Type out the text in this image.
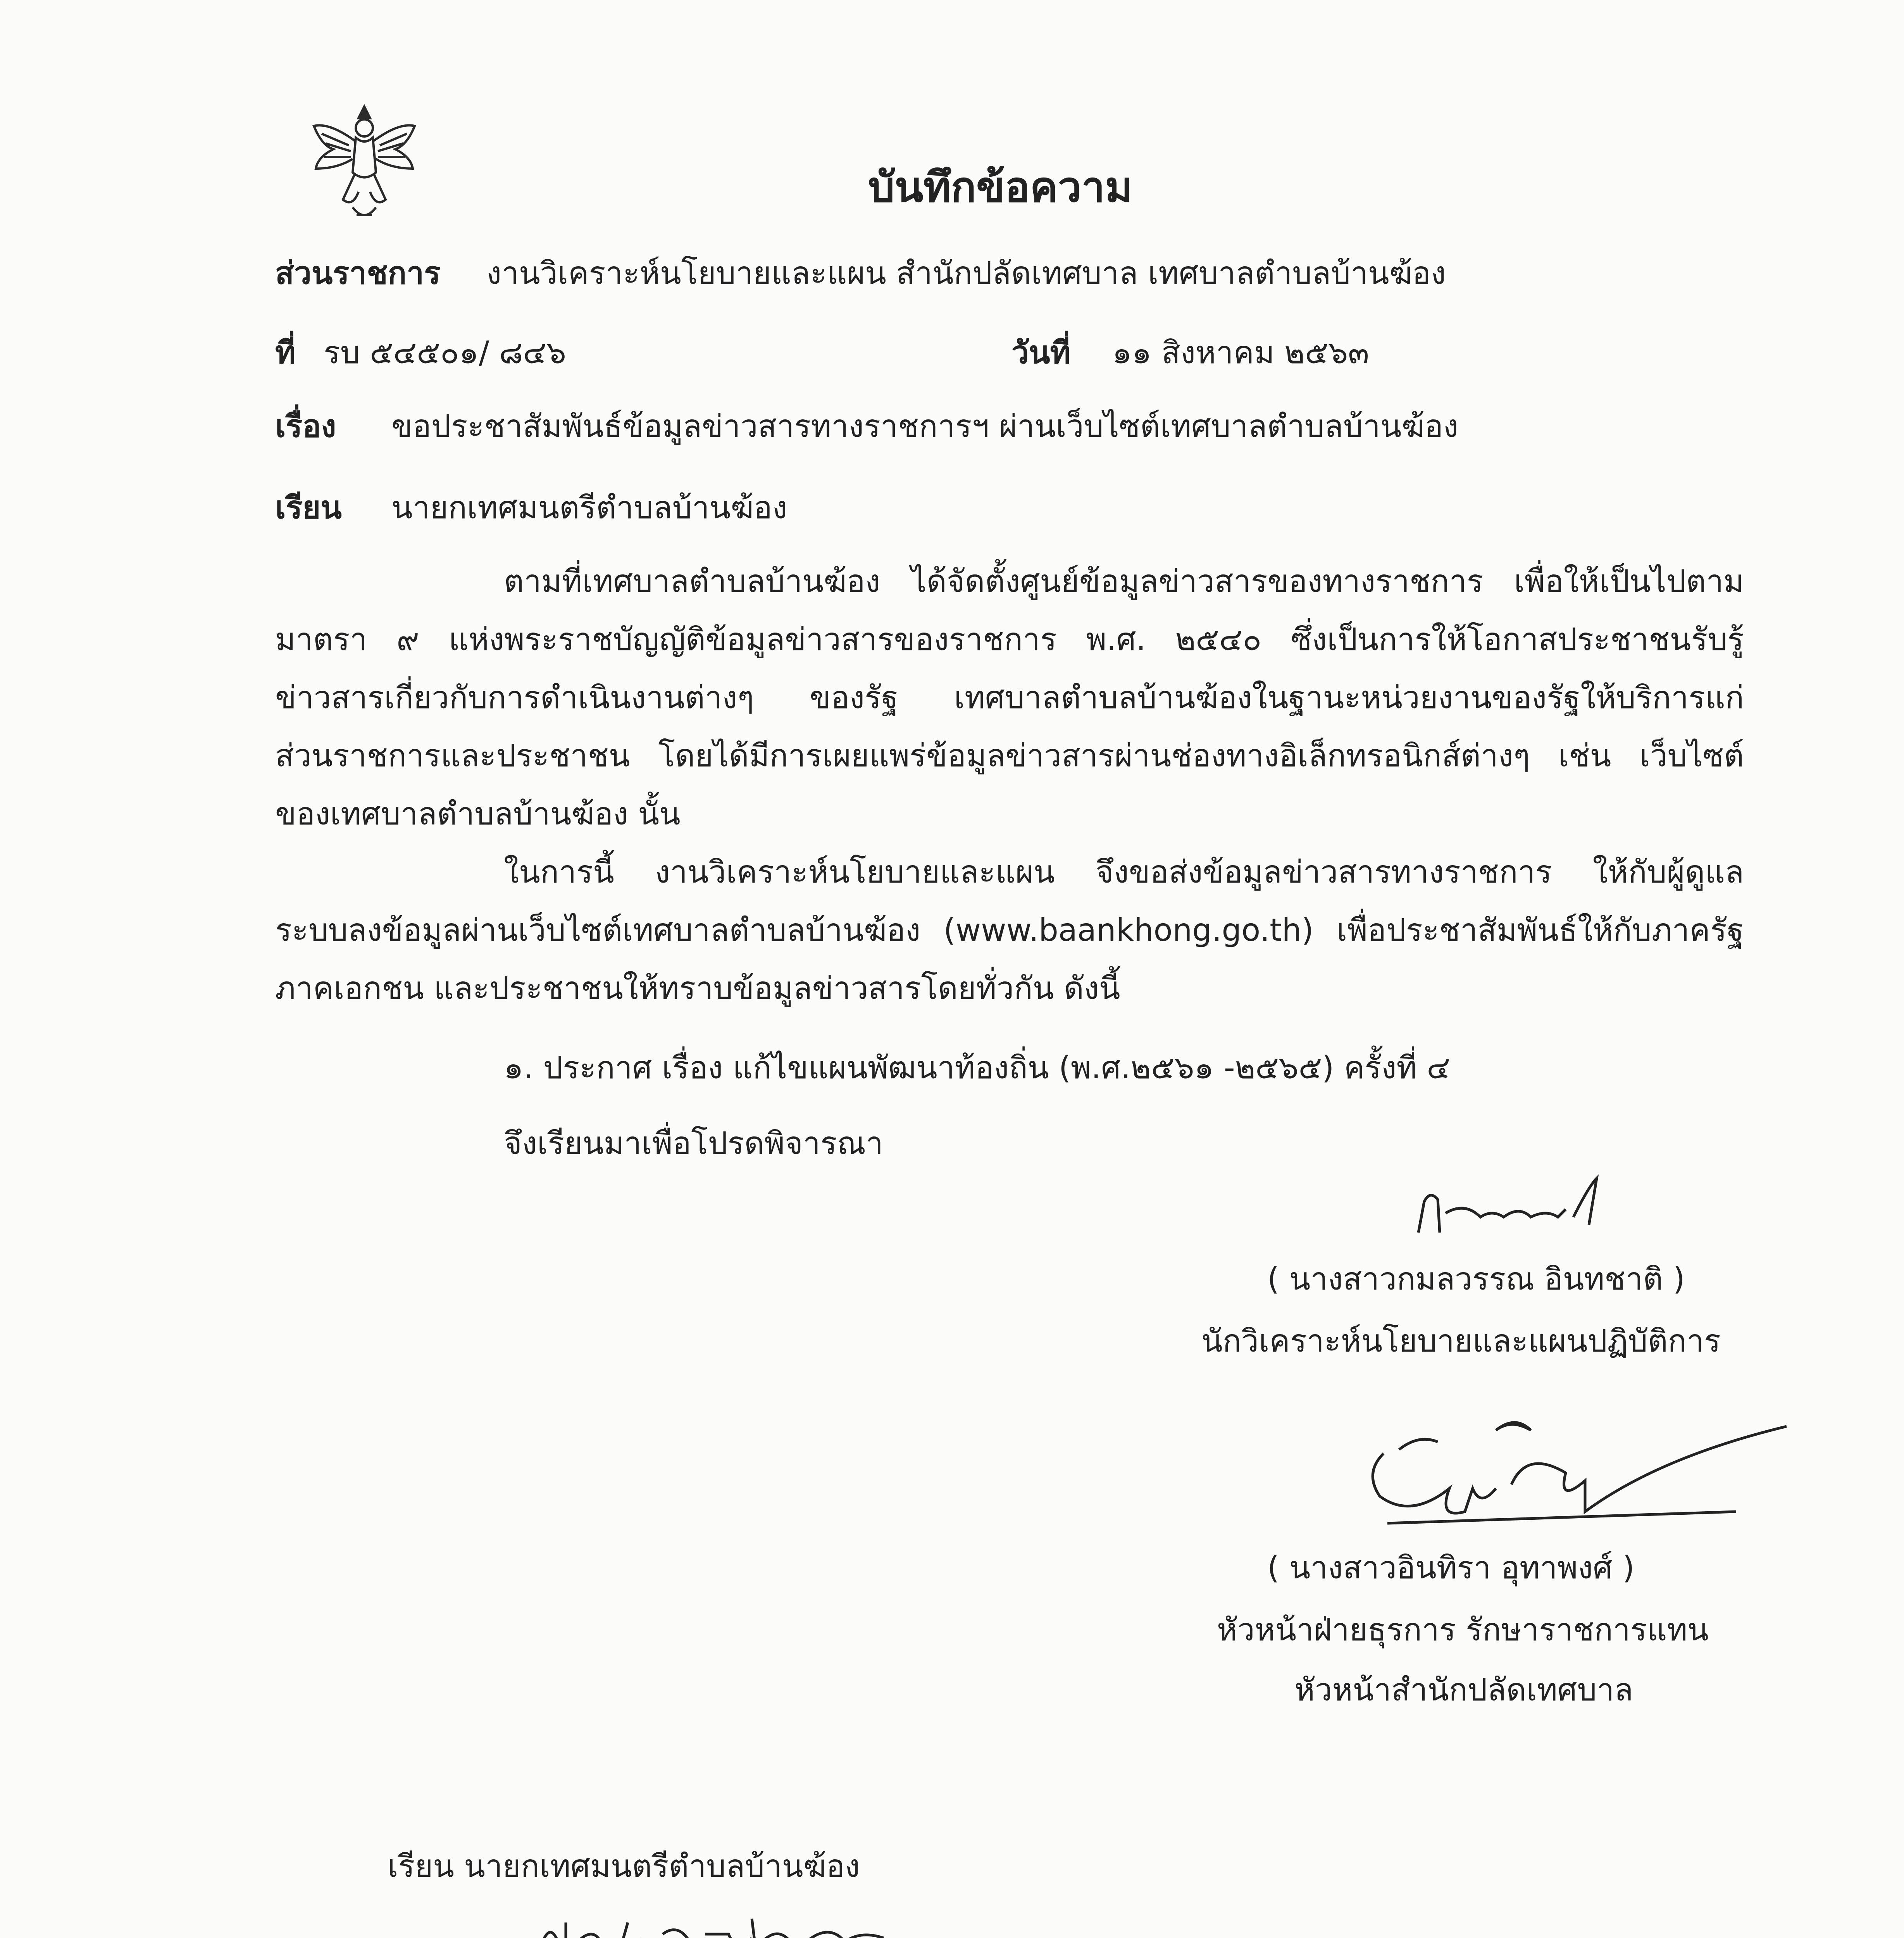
บันทึกข้อความ
ส่วนราชการ งานวิเคราะห์นโยบายและแผน สำนักปลัดเทศบาล เทศบาลตำบลบ้านฆ้อง
ที่ รบ ๕๔๕๐๑/ ๘๔๖	วันที่ ๑๑ สิงหาคม ๒๕๖๓
เรื่อง ขอประชาสัมพันธ์ข้อมูลข่าวสารทางราชการฯ ผ่านเว็บไซต์เทศบาลตำบลบ้านฆ้อง
เรียน นายกเทศมนตรีตำบลบ้านฆ้อง
ตามที่เทศบาลตำบลบ้านฆ้อง ได้จัดตั้งศูนย์ข้อมูลข่าวสารของทางราชการ เพื่อให้เป็นไปตาม
มาตรา ๙ แห่งพระราชบัญญัติข้อมูลข่าวสารของราชการ พ.ศ. ๒๕๔๐ ซึ่งเป็นการให้โอกาสประชาชนรับรู้
ข่าวสารเกี่ยวกับการดำเนินงานต่างๆ ของรัฐ เทศบาลตำบลบ้านฆ้องในฐานะหน่วยงานของรัฐให้บริการแก่
ส่วนราชการและประชาชน โดยได้มีการเผยแพร่ข้อมูลข่าวสารผ่านช่องทางอิเล็กทรอนิกส์ต่างๆ เช่น เว็บไซต์
ของเทศบาลตำบลบ้านฆ้อง นั้น
ในการนี้ งานวิเคราะห์นโยบายและแผน จึงขอส่งข้อมูลข่าวสารทางราชการ ให้กับผู้ดูแล
ระบบลงข้อมูลผ่านเว็บไซต์เทศบาลตำบลบ้านฆ้อง (www.baankhong.go.th) เพื่อประชาสัมพันธ์ให้กับภาครัฐ
ภาคเอกชน และประชาชนให้ทราบข้อมูลข่าวสารโดยทั่วกัน ดังนี้
๑. ประกาศ เรื่อง แก้ไขแผนพัฒนาท้องถิ่น (พ.ศ.๒๕๖๑ -๒๕๖๕) ครั้งที่ ๔
จึงเรียนมาเพื่อโปรดพิจารณา
( นางสาวกมลวรรณ อินทชาติ )
นักวิเคราะห์นโยบายและแผนปฏิบัติการ
( นางสาวอินทิรา อุทาพงศ์ )
หัวหน้าฝ่ายธุรการ รักษาราชการแทน
หัวหน้าสำนักปลัดเทศบาล
เรียน นายกเทศมนตรีตำบลบ้านฆ้อง
